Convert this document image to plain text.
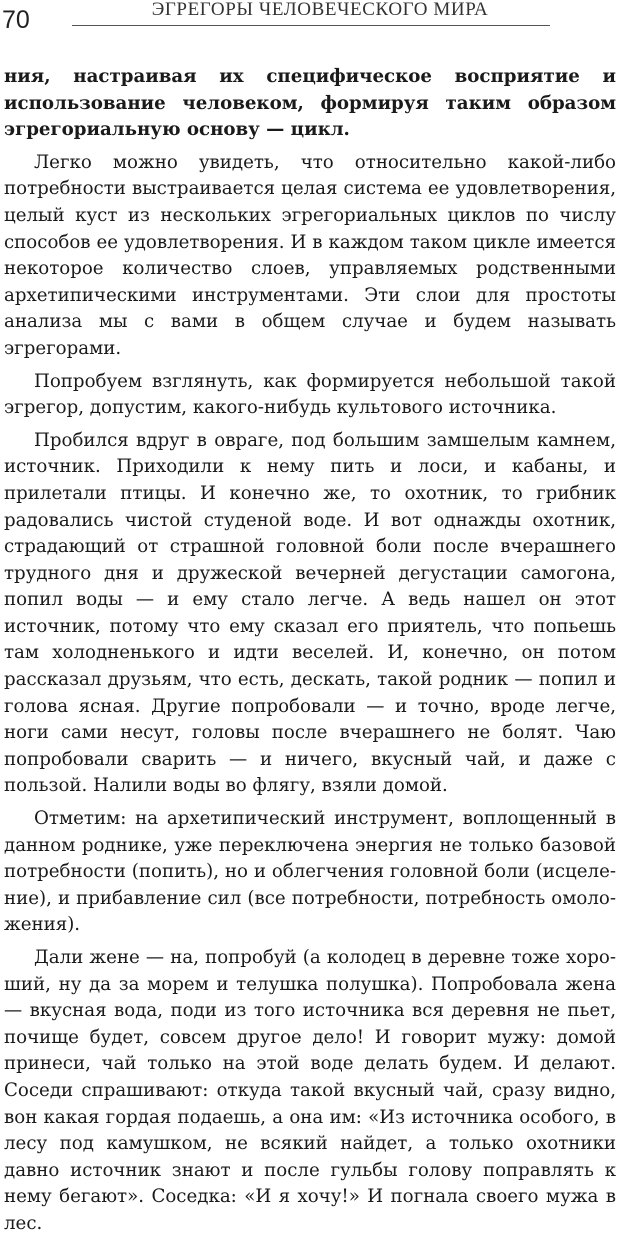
70	ЭГРЕГОРЫ ЧЕЛОВЕЧЕСКОГО МИРА

ния, настраивая их специфическое восприятие и использование человеком, формируя таким образом эгрегориальную основу — цикл.

Легко можно увидеть, что относительно какой-либо потребности выстраивается целая система ее удовлетворения, целый куст из нескольких эгрегориальных циклов по числу способов ее удовлетворения. И в каждом таком цикле имеется некоторое количество слоев, управляемых родственными архетипическими инструментами. Эти слои для простоты анализа мы с вами в общем случае и будем называть эгрегорами.

Попробуем взглянуть, как формируется небольшой такой эгрегор, допустим, какого-нибудь культового источника.

Пробился вдруг в овраге, под большим замшелым камнем, источник. Приходили к нему пить и лоси, и кабаны, и прилетали птицы. И конечно же, то охотник, то грибник радовались чистой студеной воде. И вот однажды охотник, страдающий от страшной головной боли после вчерашнего трудного дня и дружеской вечерней дегустации самогона, попил воды — и ему стало легче. А ведь нашел он этот источник, потому что ему сказал его приятель, что попьешь там холодненького и идти веселей. И, конечно, он потом рассказал друзьям, что есть, дескать, такой родник — попил и голова ясная. Другие попробовали — и точно, вроде легче, ноги сами несут, головы после вчерашнего не болят. Чаю попробовали сварить — и ничего, вкусный чай, и даже с пользой. Налили воды во флягу, взяли домой.

Отметим: на архетипический инструмент, воплощенный в данном роднике, уже переключена энергия не только базовой потребности (попить), но и облегчения головной боли (исцеление), и прибавление сил (все потребности, потребность омоложения).

Дали жене — на, попробуй (а колодец в деревне тоже хороший, ну да за морем и телушка полушка). Попробовала жена — вкусная вода, поди из того источника вся деревня не пьет, почище будет, совсем другое дело! И говорит мужу: домой принеси, чай только на этой воде делать будем. И делают. Соседи спрашивают: откуда такой вкусный чай, сразу видно, вон какая гордая подаешь, а она им: «Из источника особого, в лесу под камушком, не всякий найдет, а только охотники давно источник знают и после гульбы голову поправлять к нему бегают». Соседка: «И я хочу!» И погнала своего мужа в лес.
